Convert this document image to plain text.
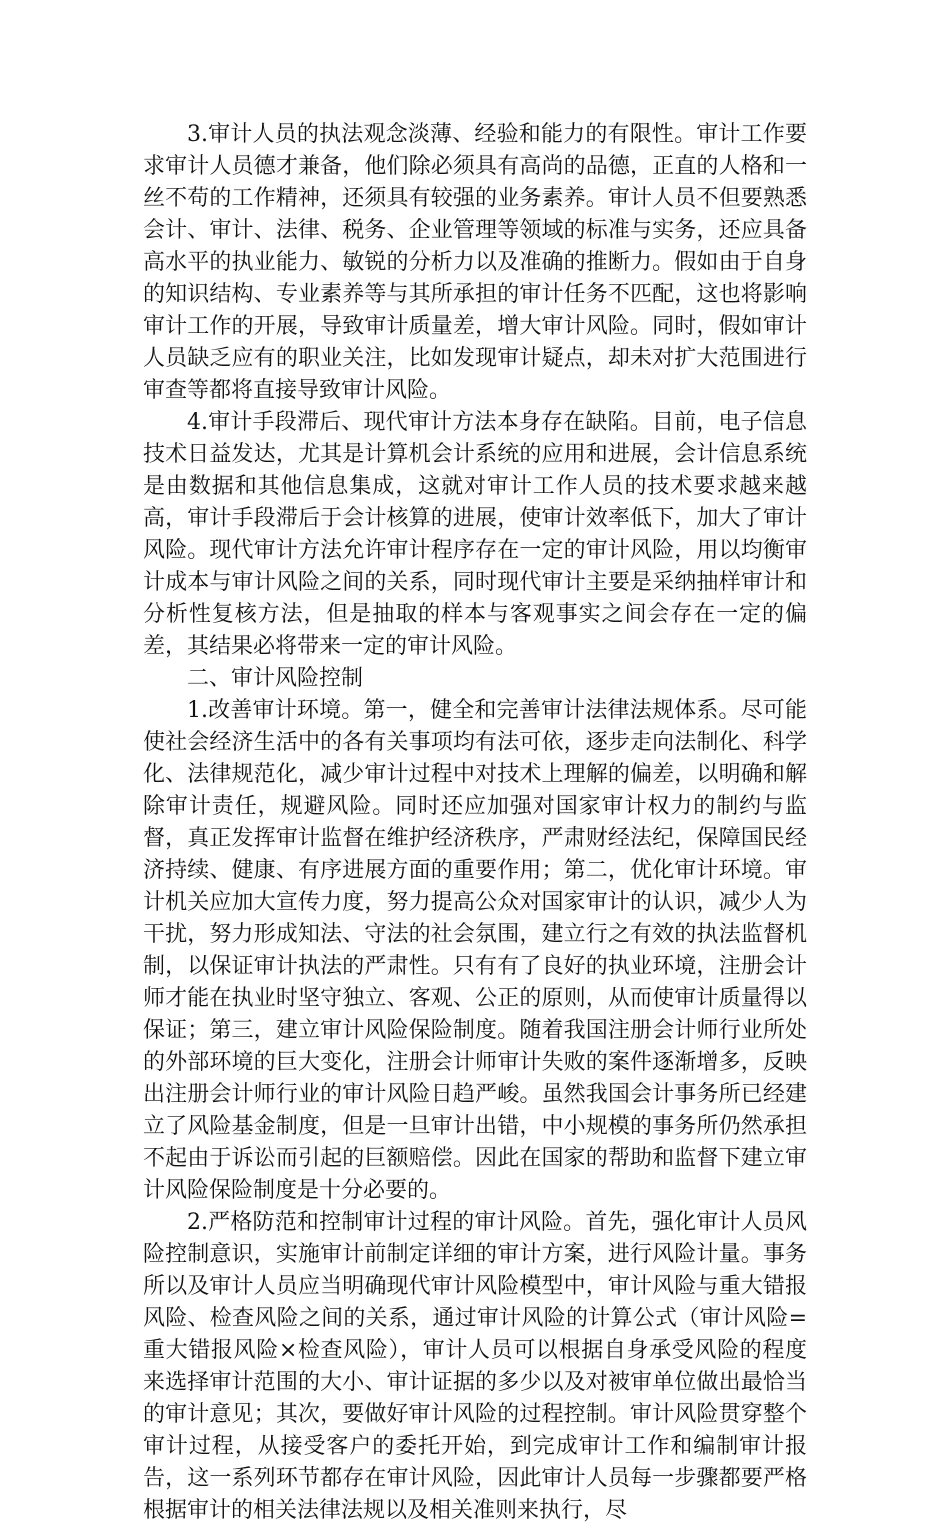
3.审计人员的执法观念淡薄、经验和能力的有限性。审计工作要求审计人员德才兼备，他们除必须具有高尚的品德，正直的人格和一丝不苟的工作精神，还须具有较强的业务素养。审计人员不但要熟悉会计、审计、法律、税务、企业管理等领域的标准与实务，还应具备高水平的执业能力、敏锐的分析力以及准确的推断力。假如由于自身的知识结构、专业素养等与其所承担的审计任务不匹配，这也将影响审计工作的开展，导致审计质量差，增大审计风险。同时，假如审计人员缺乏应有的职业关注，比如发现审计疑点，却未对扩大范围进行审查等都将直接导致审计风险。

4.审计手段滞后、现代审计方法本身存在缺陷。目前，电子信息技术日益发达，尤其是计算机会计系统的应用和进展，会计信息系统是由数据和其他信息集成，这就对审计工作人员的技术要求越来越高，审计手段滞后于会计核算的进展，使审计效率低下，加大了审计风险。现代审计方法允许审计程序存在一定的审计风险，用以均衡审计成本与审计风险之间的关系，同时现代审计主要是采纳抽样审计和分析性复核方法，但是抽取的样本与客观事实之间会存在一定的偏差，其结果必将带来一定的审计风险。

二、审计风险控制

1.改善审计环境。第一，健全和完善审计法律法规体系。尽可能使社会经济生活中的各有关事项均有法可依，逐步走向法制化、科学化、法律规范化，减少审计过程中对技术上理解的偏差，以明确和解除审计责任，规避风险。同时还应加强对国家审计权力的制约与监督，真正发挥审计监督在维护经济秩序，严肃财经法纪，保障国民经济持续、健康、有序进展方面的重要作用；第二，优化审计环境。审计机关应加大宣传力度，努力提高公众对国家审计的认识，减少人为干扰，努力形成知法、守法的社会氛围，建立行之有效的执法监督机制，以保证审计执法的严肃性。只有有了良好的执业环境，注册会计师才能在执业时坚守独立、客观、公正的原则，从而使审计质量得以保证；第三，建立审计风险保险制度。随着我国注册会计师行业所处的外部环境的巨大变化，注册会计师审计失败的案件逐渐增多，反映出注册会计师行业的审计风险日趋严峻。虽然我国会计事务所已经建立了风险基金制度，但是一旦审计出错，中小规模的事务所仍然承担不起由于诉讼而引起的巨额赔偿。因此在国家的帮助和监督下建立审计风险保险制度是十分必要的。

2.严格防范和控制审计过程的审计风险。首先，强化审计人员风险控制意识，实施审计前制定详细的审计方案，进行风险计量。事务所以及审计人员应当明确现代审计风险模型中，审计风险与重大错报风险、检查风险之间的关系，通过审计风险的计算公式（审计风险=重大错报风险×检查风险），审计人员可以根据自身承受风险的程度来选择审计范围的大小、审计证据的多少以及对被审单位做出最恰当的审计意见；其次，要做好审计风险的过程控制。审计风险贯穿整个审计过程，从接受客户的委托开始，到完成审计工作和编制审计报告，这一系列环节都存在审计风险，因此审计人员每一步骤都要严格根据审计的相关法律法规以及相关准则来执行，尽
